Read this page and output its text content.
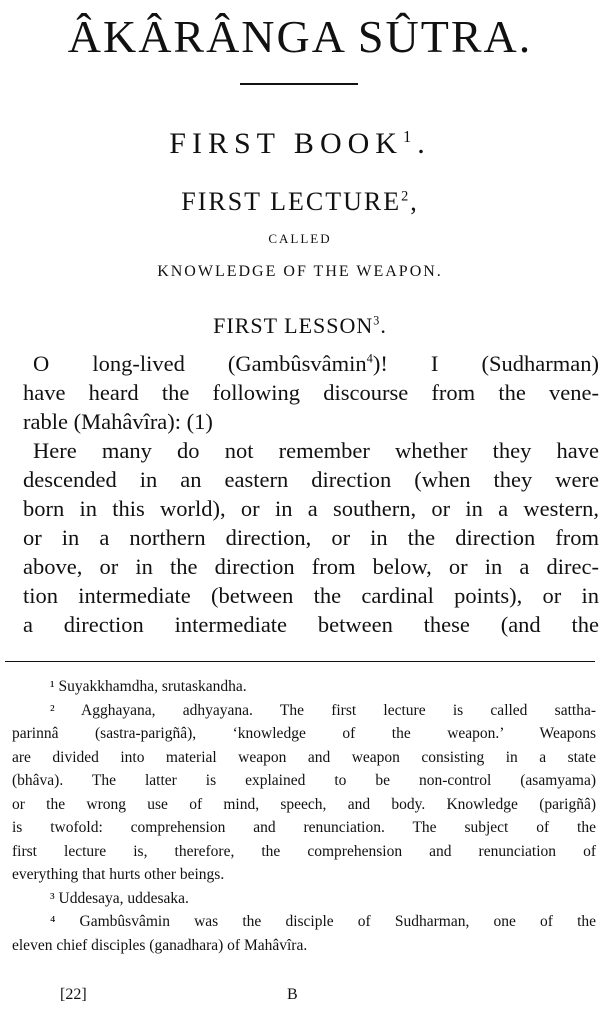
ÂKÂRÂNGA SÛTRA.
FIRST BOOK$^1$.
FIRST LECTURE$^2$,
CALLED
KNOWLEDGE OF THE WEAPON.
FIRST LESSON$^3$.
O long-lived (Gambûsvâmin$^4$)! I (Sudharman)
have heard the following discourse from the vene-
rable (Mahâvîra): (1)
Here many do not remember whether they have
descended in an eastern direction (when they were
born in this world), or in a southern, or in a western,
or in a northern direction, or in the direction from
above, or in the direction from below, or in a direc-
tion intermediate (between the cardinal points), or in
a direction intermediate between these (and the
¹ Suyakkhamdha, srutaskandha.
² Agghayana, adhyayana. The first lecture is called sattha-
parinnâ (sastra-parigñâ), ‘knowledge of the weapon.’ Weapons
are divided into material weapon and weapon consisting in a state
(bhâva). The latter is explained to be non-control (asamyama)
or the wrong use of mind, speech, and body. Knowledge (parigñâ)
is twofold: comprehension and renunciation. The subject of the
first lecture is, therefore, the comprehension and renunciation of
everything that hurts other beings.
³ Uddesaya, uddesaka.
⁴ Gambûsvâmin was the disciple of Sudharman, one of the
eleven chief disciples (ganadhara) of Mahâvîra.
[22]	B
